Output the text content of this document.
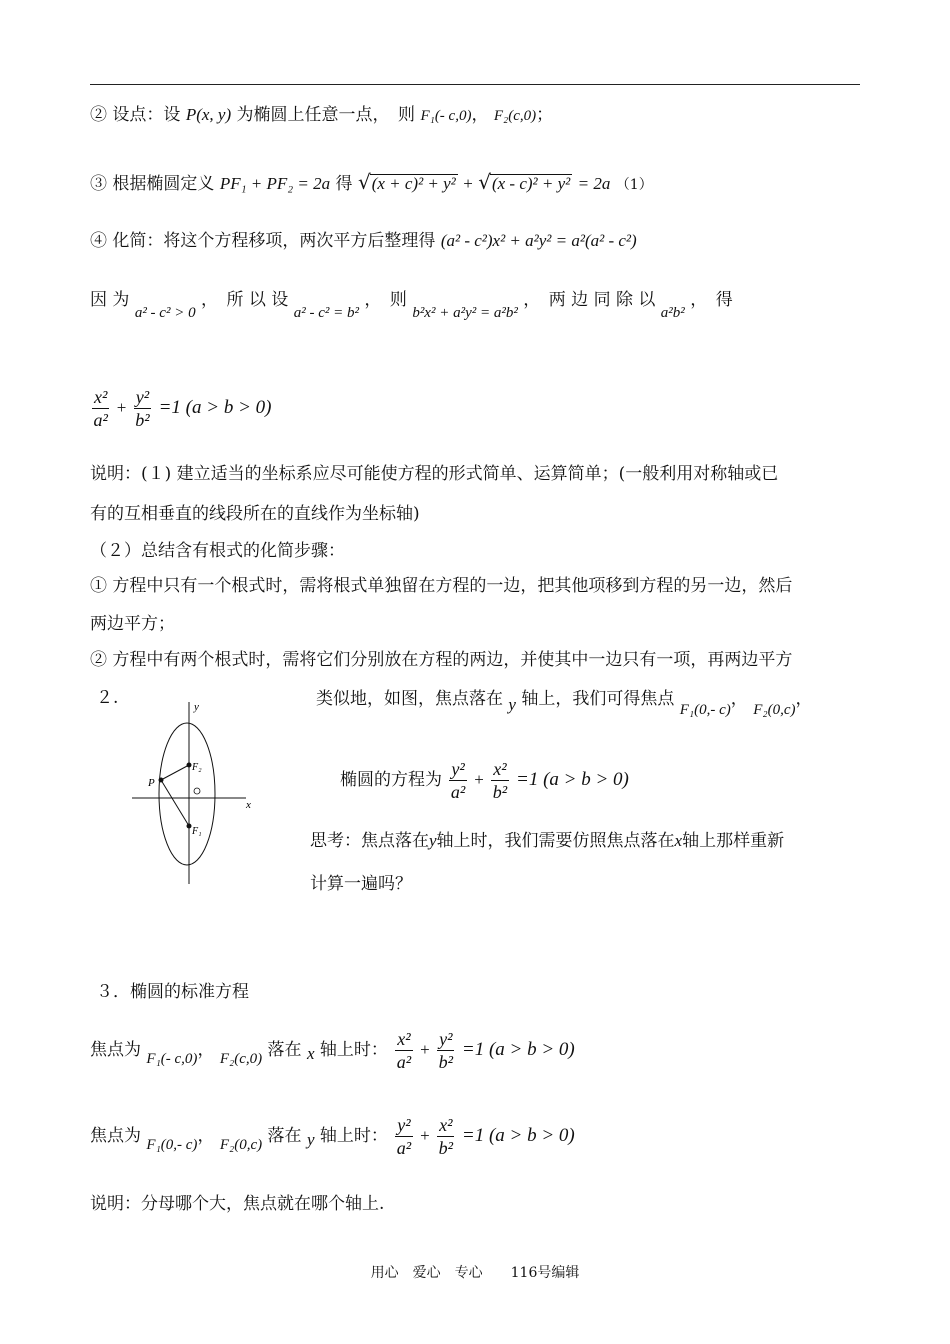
② 设点：设 P(x, y) 为椭圆上任意一点，　则 F₁(- c,0)， F₂(c,0)；
③ 根据椭圆定义 PF₁ + PF₂ = 2a 得 √(x + c)² + y² + √(x - c)² + y² = 2a （1）
④ 化简：将这个方程移项，两次平方后整理得 (a² - c²)x² + a²y² = a²(a² - c²)
因 为 a² - c² > 0 ，　所 以 设 a² - c² = b² ，　则 b²x² + a²y² = a²b² ，　两 边 同 除 以 a²b² ，　得
$\frac{\text{x²}}{\text{a²}} + \frac{\text{y²}}{\text{b²}} =1$ (a > b > 0)
说明：(１) 建立适当的坐标系应尽可能使方程的形式简单、运算简单；(一般利用对称轴或已
有的互相垂直的线段所在的直线作为坐标轴)
（２）总结含有根式的化简步骤：
① 方程中只有一个根式时，需将根式单独留在方程的一边，把其他项移到方程的另一边，然后
两边平方；
② 方程中有两个根式时，需将它们分别放在方程的两边，并使其中一边只有一项，再两边平方
２.	y
x
P
F₂
F₁
类似地，如图，焦点落在 y 轴上，我们可得焦点 F₁(0,- c)， F₂(0,c)，
椭圆的方程为 $\frac{\text{y²}}{\text{a²}} + \frac{\text{x²}}{\text{b²}} =1$ (a > b > 0)
思考：焦点落在y轴上时，我们需要仿照焦点落在x轴上那样重新
计算一遍吗？
３．椭圆的标准方程
焦点为 F₁(- c,0)， F₂(c,0) 落在 x 轴上时： $\frac{\text{x²}}{\text{a²}} + \frac{\text{y²}}{\text{b²}} =1$ (a > b > 0)
焦点为 F₁(0,- c)， F₂(0,c) 落在 y 轴上时： $\frac{\text{y²}}{\text{a²}} + \frac{\text{x²}}{\text{b²}} =1$ (a > b > 0)
说明：分母哪个大，焦点就在哪个轴上.
用心　爱心　专心　　116号编辑
